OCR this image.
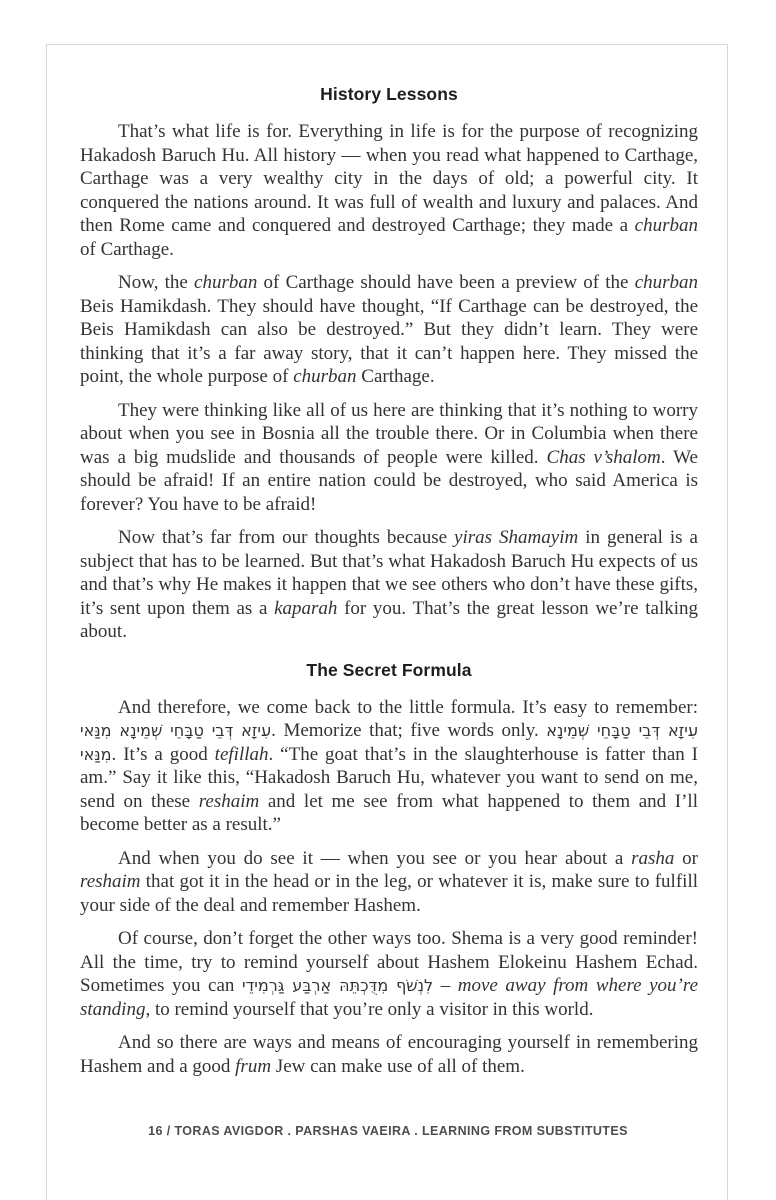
History Lessons

That’s what life is for. Everything in life is for the purpose of recognizing Hakadosh Baruch Hu. All history — when you read what happened to Carthage, Carthage was a very wealthy city in the days of old; a powerful city. It conquered the nations around. It was full of wealth and luxury and palaces. And then Rome came and conquered and destroyed Carthage; they made a churban of Carthage.

Now, the churban of Carthage should have been a preview of the churban Beis Hamikdash. They should have thought, “If Carthage can be destroyed, the Beis Hamikdash can also be destroyed.” But they didn’t learn. They were thinking that it’s a far away story, that it can’t happen here. They missed the point, the whole purpose of churban Carthage.

They were thinking like all of us here are thinking that it’s nothing to worry about when you see in Bosnia all the trouble there. Or in Columbia when there was a big mudslide and thousands of people were killed. Chas v’shalom. We should be afraid! If an entire nation could be destroyed, who said America is forever? You have to be afraid!

Now that’s far from our thoughts because yiras Shamayim in general is a subject that has to be learned. But that’s what Hakadosh Baruch Hu expects of us and that’s why He makes it happen that we see others who don’t have these gifts, it’s sent upon them as a kaparah for you. That’s the great lesson we’re talking about.

The Secret Formula

And therefore, we come back to the little formula. It’s easy to remember: עִיזָא דְּבֵי טַבָּחֵי שְׁמֵינָא מִנַּאי. Memorize that; five words only. עִיזָא דְּבֵי טַבָּחֵי שְׁמֵינָא מִנַּאי. It’s a good tefillah. “The goat that’s in the slaughterhouse is fatter than I am.” Say it like this, “Hakadosh Baruch Hu, whatever you want to send on me, send on these reshaim and let me see from what happened to them and I’ll become better as a result.”

And when you do see it — when you see or you hear about a rasha or reshaim that got it in the head or in the leg, or whatever it is, make sure to fulfill your side of the deal and remember Hashem.

Of course, don’t forget the other ways too. Shema is a very good reminder! All the time, try to remind yourself about Hashem Elokeinu Hashem Echad. Sometimes you can לִנְשֹׁף מִדֻּכְתֵּהּ אַרְבַּע גַּרְמִידֵי – move away from where you’re standing, to remind yourself that you’re only a visitor in this world.

And so there are ways and means of encouraging yourself in remembering Hashem and a good frum Jew can make use of all of them.

16 / TORAS AVIGDOR . PARSHAS VAEIRA . LEARNING FROM SUBSTITUTES
